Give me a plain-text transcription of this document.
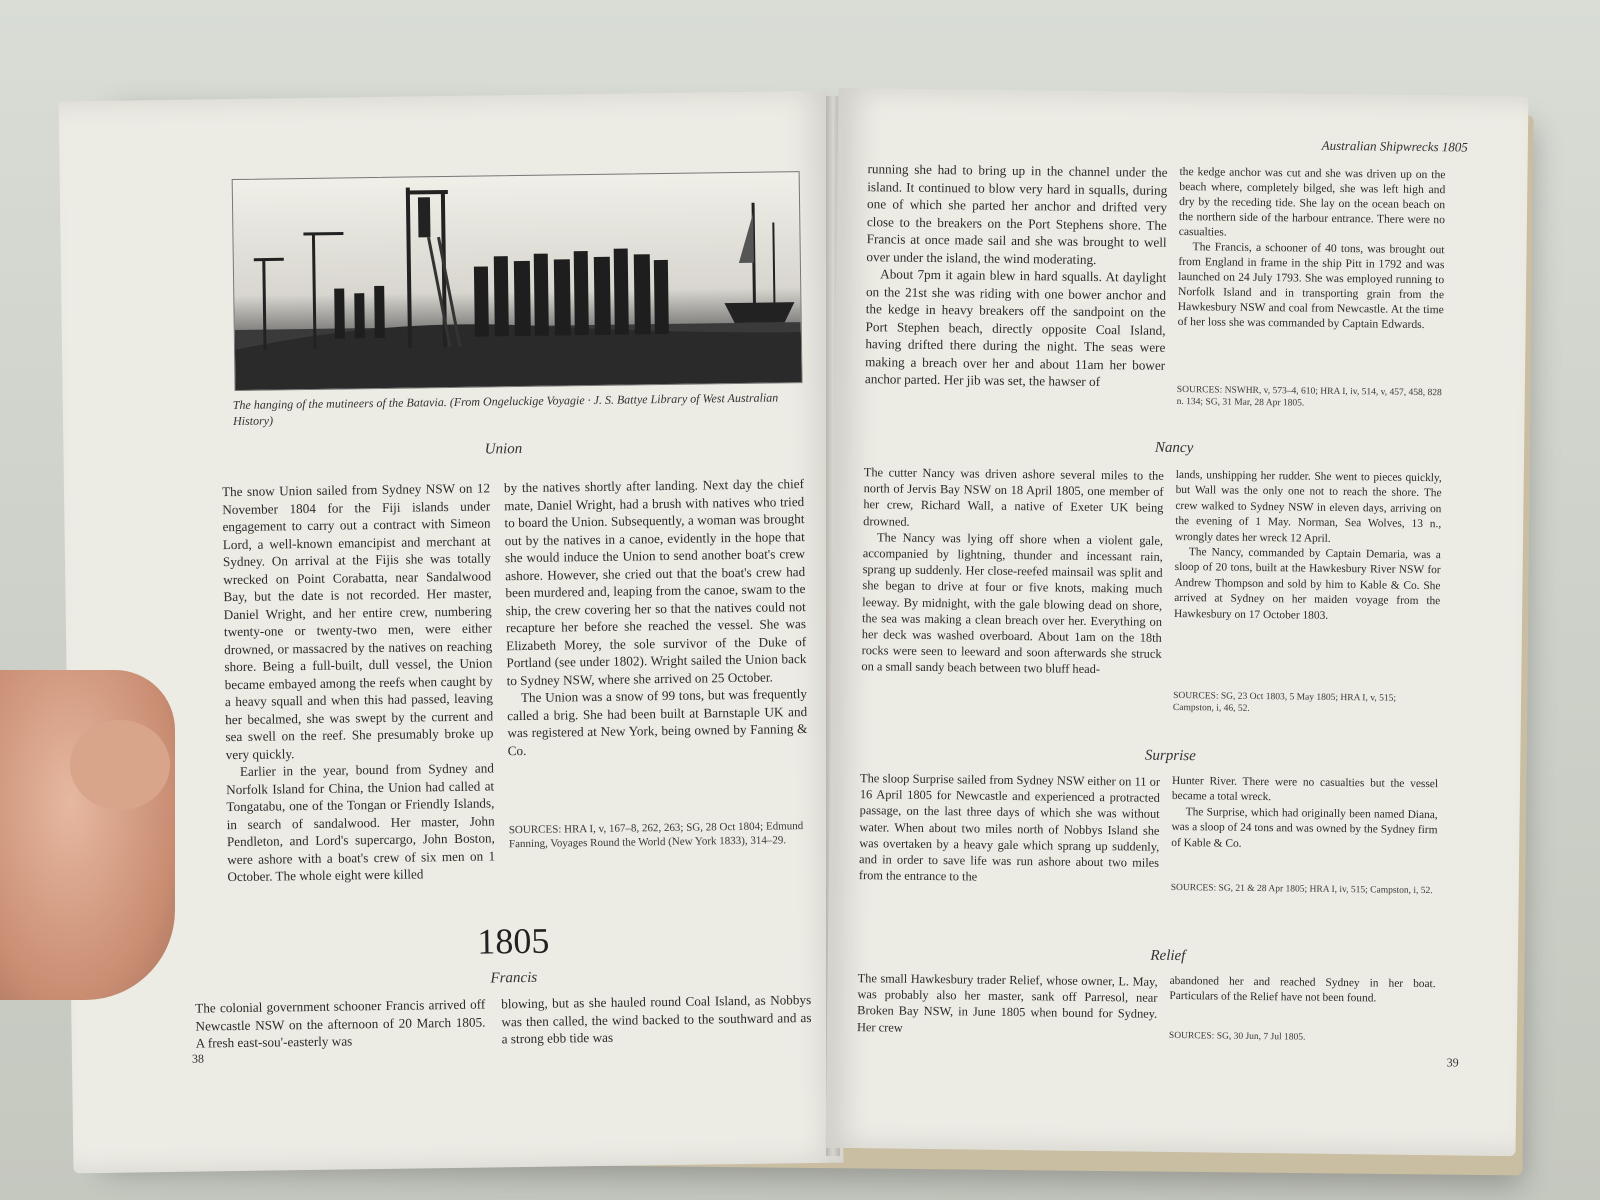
The hanging of the mutineers of the Batavia. (From Ongeluckige Voyagie · J. S. Battye Library of West Australian History)
Union

The snow Union sailed from Sydney NSW on 12 November 1804 for the Fiji islands under engagement to carry out a contract with Simeon Lord, a well-known emancipist and merchant at Sydney. On arrival at the Fijis she was totally wrecked on Point Corabatta, near Sandalwood Bay, but the date is not recorded. Her master, Daniel Wright, and her entire crew, numbering twenty-one or twenty-two men, were either drowned, or massacred by the natives on reaching shore. Being a full-built, dull vessel, the Union became embayed among the reefs when caught by a heavy squall and when this had passed, leaving her becalmed, she was swept by the current and sea swell on the reef. She presumably broke up very quickly.

Earlier in the year, bound from Sydney and Norfolk Island for China, the Union had called at Tongatabu, one of the Tongan or Friendly Islands, in search of sandalwood. Her master, John Pendleton, and Lord's supercargo, John Boston, were ashore with a boat's crew of six men on 1 October. The whole eight were killed

by the natives shortly after landing. Next day the chief mate, Daniel Wright, had a brush with natives who tried to board the Union. Subsequently, a woman was brought out by the natives in a canoe, evidently in the hope that she would induce the Union to send another boat's crew ashore. However, she cried out that the boat's crew had been murdered and, leaping from the canoe, swam to the ship, the crew covering her so that the natives could not recapture her before she reached the vessel. She was Elizabeth Morey, the sole survivor of the Duke of Portland (see under 1802). Wright sailed the Union back to Sydney NSW, where she arrived on 25 October.

The Union was a snow of 99 tons, but was frequently called a brig. She had been built at Barnstaple UK and was registered at New York, being owned by Fanning & Co.

SOURCES: HRA I, v, 167–8, 262, 263; SG, 28 Oct 1804; Edmund Fanning, Voyages Round the World (New York 1833), 314–29.
1805
Francis

The colonial government schooner Francis arrived off Newcastle NSW on the afternoon of 20 March 1805. A fresh east-sou'-easterly was

blowing, but as she hauled round Coal Island, as Nobbys was then called, the wind backed to the southward and as a strong ebb tide was

38
Australian Shipwrecks 1805

running she had to bring up in the channel under the island. It continued to blow very hard in squalls, during one of which she parted her anchor and drifted very close to the breakers on the Port Stephens shore. The Francis at once made sail and she was brought to well over under the island, the wind moderating.

About 7pm it again blew in hard squalls. At daylight on the 21st she was riding with one bower anchor and the kedge in heavy breakers off the sandpoint on the Port Stephen beach, directly opposite Coal Island, having drifted there during the night. The seas were making a breach over her and about 11am her bower anchor parted. Her jib was set, the hawser of

the kedge anchor was cut and she was driven up on the beach where, completely bilged, she was left high and dry by the receding tide. She lay on the ocean beach on the northern side of the harbour entrance. There were no casualties.

The Francis, a schooner of 40 tons, was brought out from England in frame in the ship Pitt in 1792 and was launched on 24 July 1793. She was employed running to Norfolk Island and in transporting grain from the Hawkesbury NSW and coal from Newcastle. At the time of her loss she was commanded by Captain Edwards.

SOURCES: NSWHR, v, 573–4, 610; HRA I, iv, 514, v, 457, 458, 828 n. 134; SG, 31 Mar, 28 Apr 1805.
Nancy

The cutter Nancy was driven ashore several miles to the north of Jervis Bay NSW on 18 April 1805, one member of her crew, Richard Wall, a native of Exeter UK being drowned.

The Nancy was lying off shore when a violent gale, accompanied by lightning, thunder and incessant rain, sprang up suddenly. Her close-reefed mainsail was split and she began to drive at four or five knots, making much leeway. By midnight, with the gale blowing dead on shore, the sea was making a clean breach over her. Everything on her deck was washed overboard. About 1am on the 18th rocks were seen to leeward and soon afterwards she struck on a small sandy beach between two bluff head-

lands, unshipping her rudder. She went to pieces quickly, but Wall was the only one not to reach the shore. The crew walked to Sydney NSW in eleven days, arriving on the evening of 1 May. Norman, Sea Wolves, 13 n., wrongly dates her wreck 12 April.

The Nancy, commanded by Captain Demaria, was a sloop of 20 tons, built at the Hawkesbury River NSW for Andrew Thompson and sold by him to Kable & Co. She arrived at Sydney on her maiden voyage from the Hawkesbury on 17 October 1803.

SOURCES: SG, 23 Oct 1803, 5 May 1805; HRA I, v, 515; Campston, i, 46, 52.
Surprise

The sloop Surprise sailed from Sydney NSW either on 11 or 16 April 1805 for Newcastle and experienced a protracted passage, on the last three days of which she was without water. When about two miles north of Nobbys Island she was overtaken by a heavy gale which sprang up suddenly, and in order to save life was run ashore about two miles from the entrance to the

Hunter River. There were no casualties but the vessel became a total wreck.

The Surprise, which had originally been named Diana, was a sloop of 24 tons and was owned by the Sydney firm of Kable & Co.

SOURCES: SG, 21 & 28 Apr 1805; HRA I, iv, 515; Campston, i, 52.
Relief

The small Hawkesbury trader Relief, whose owner, L. May, was probably also her master, sank off Parresol, near Broken Bay NSW, in June 1805 when bound for Sydney. Her crew

abandoned her and reached Sydney in her boat. Particulars of the Relief have not been found.

SOURCES: SG, 30 Jun, 7 Jul 1805.
39
